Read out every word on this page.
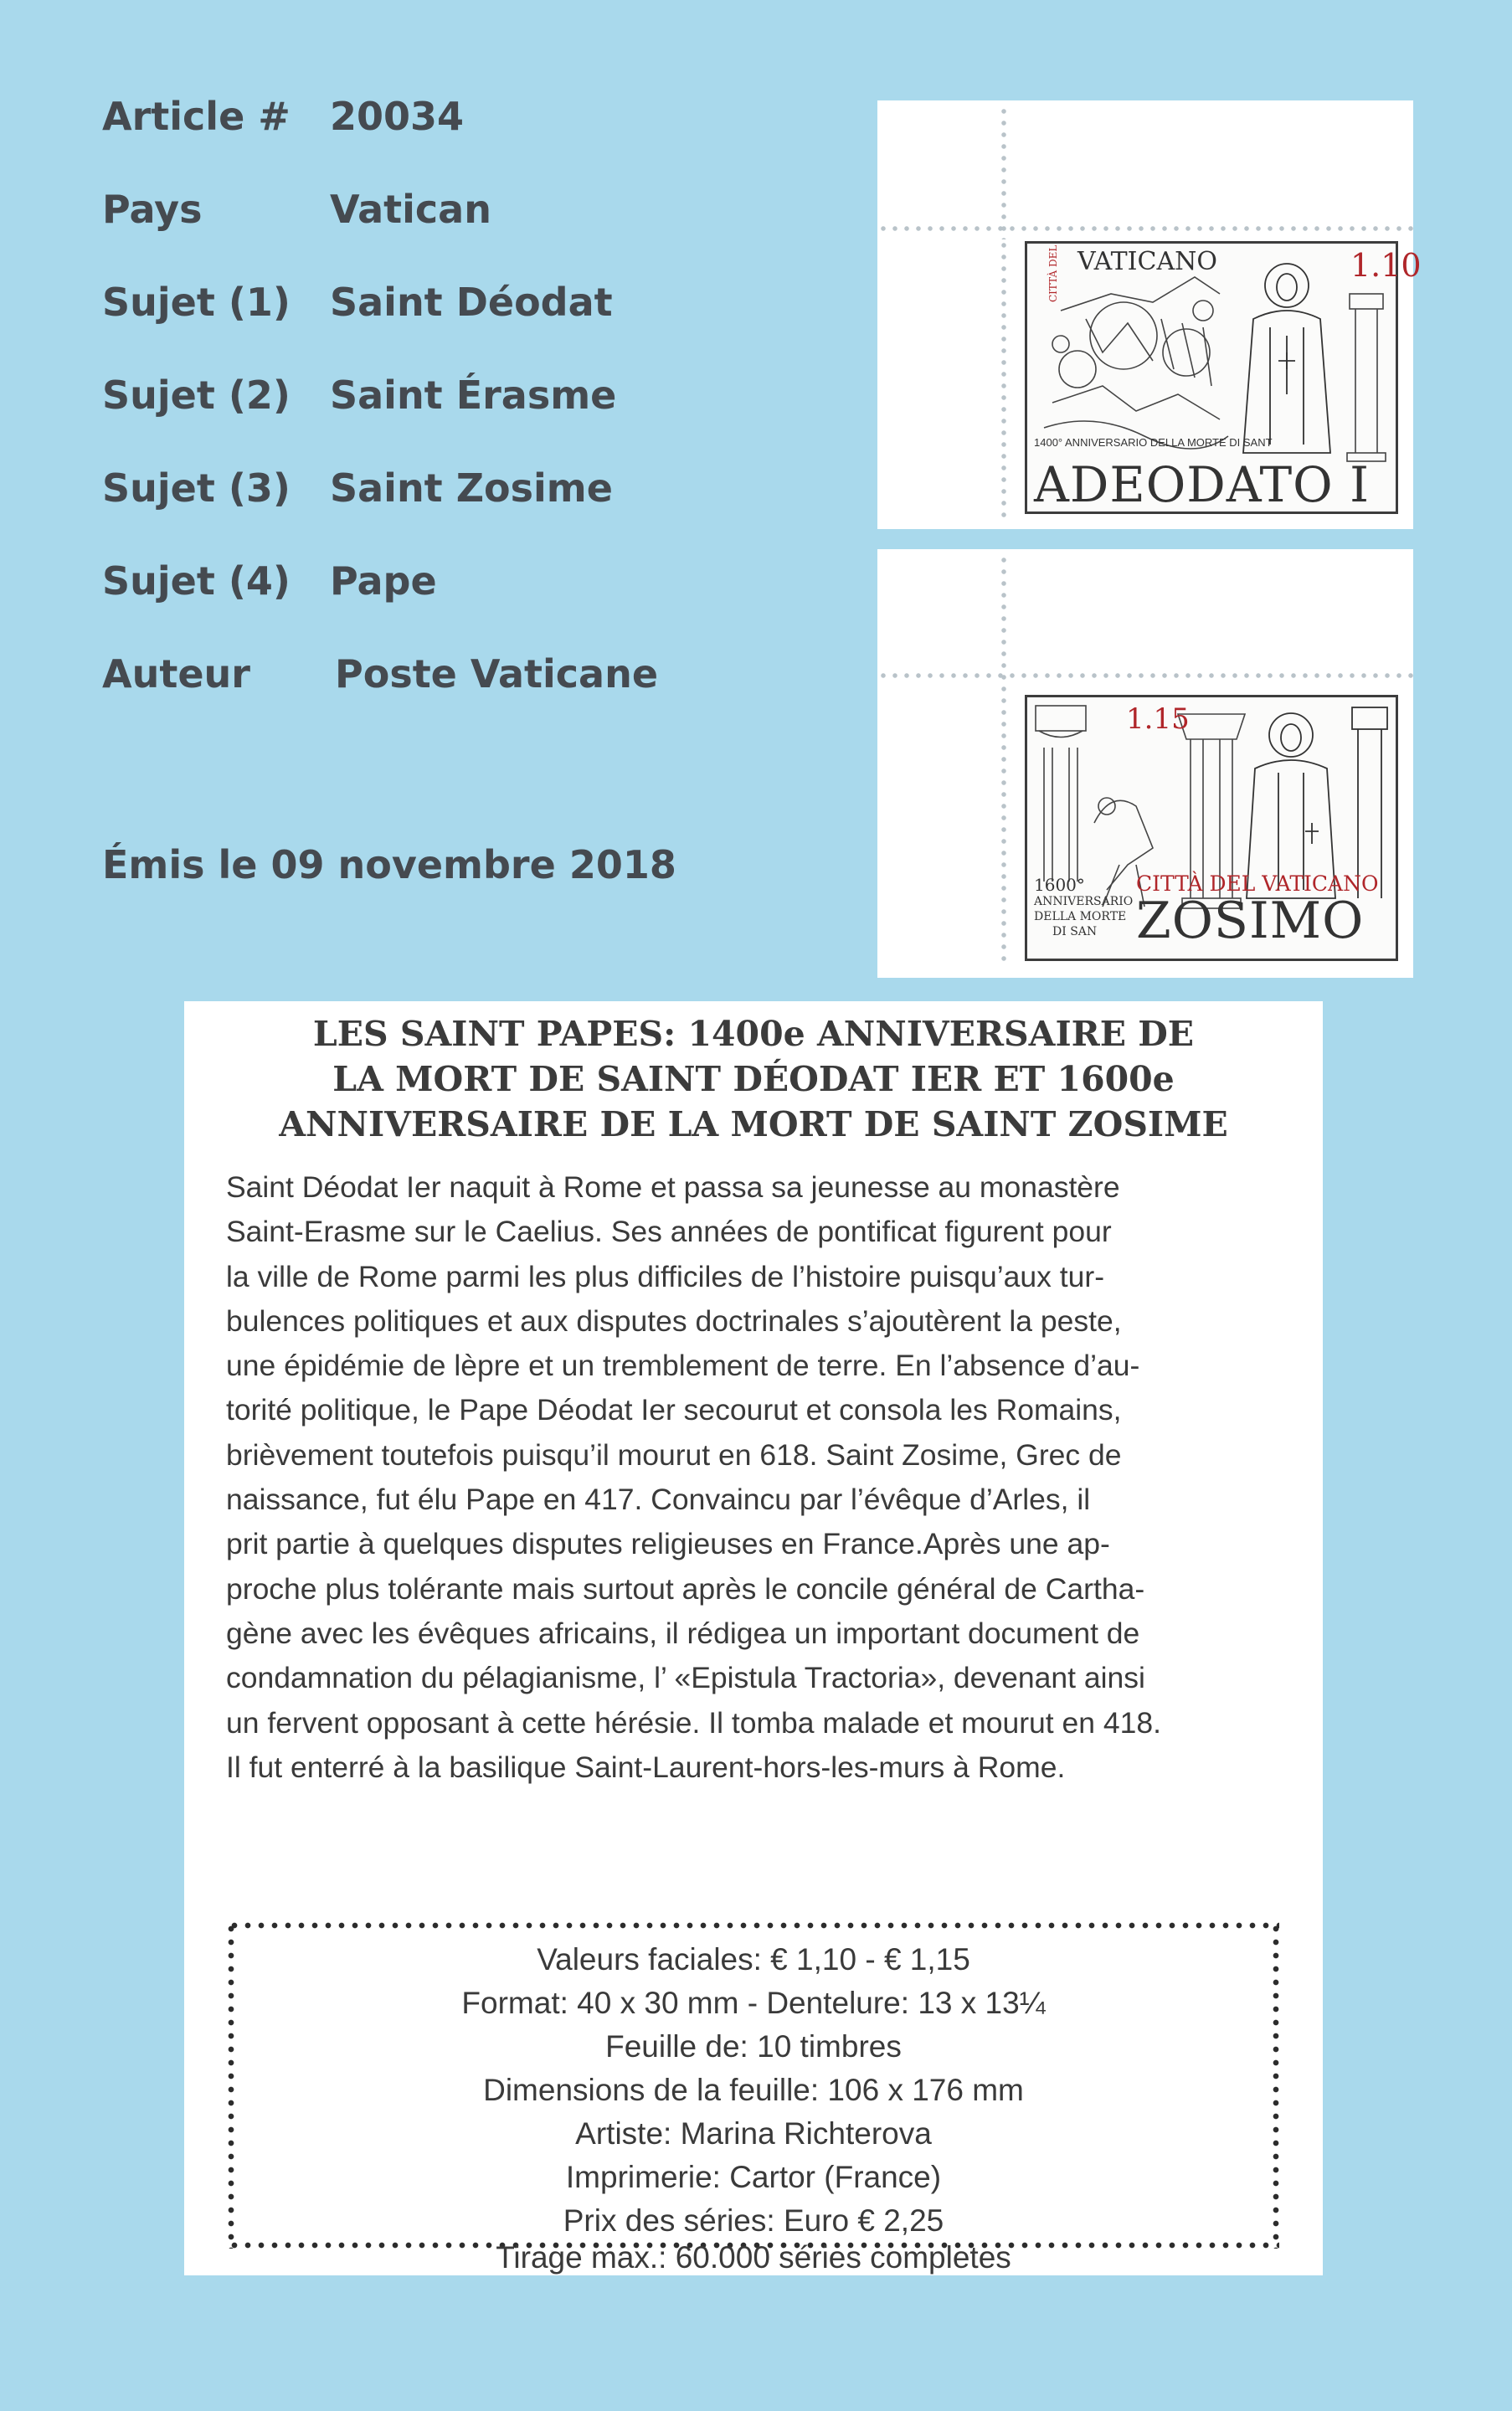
Article # 20034
Pays	Vatican
Sujet (1) Saint Déodat
Sujet (2) Saint Érasme
Sujet (3) Saint Zosime
Sujet (4) Pape
Auteur Poste Vaticane
Émis le 09 novembre 2018
CITTÀ DEL VATICANO	1.10
1400° ANNIVERSARIO DELLA MORTE DI SANT
ADEODATO I
1.15
1600°
ANNIVERSARIO
DELLA MORTE
DI SAN
CITTÀ DEL VATICANO
ZOSIMO
LES SAINT PAPES: 1400e ANNIVERSAIRE DE
LA MORT DE SAINT DÉODAT IER ET 1600e
ANNIVERSAIRE DE LA MORT DE SAINT ZOSIME
Saint Déodat Ier naquit à Rome et passa sa jeunesse au monastère
Saint-Erasme sur le Caelius. Ses années de pontificat figurent pour
la ville de Rome parmi les plus difficiles de l’histoire puisqu’aux tur-
bulences politiques et aux disputes doctrinales s’ajoutèrent la peste,
une épidémie de lèpre et un tremblement de terre. En l’absence d’au-
torité politique, le Pape Déodat Ier secourut et consola les Romains,
brièvement toutefois puisqu’il mourut en 618. Saint Zosime, Grec de
naissance, fut élu Pape en 417. Convaincu par l’évêque d’Arles, il
prit partie à quelques disputes religieuses en France.Après une ap-
proche plus tolérante mais surtout après le concile général de Cartha-
gène avec les évêques africains, il rédigea un important document de
condamnation du pélagianisme, l’ «Epistula Tractoria», devenant ainsi
un fervent opposant à cette hérésie. Il tomba malade et mourut en 418.
Il fut enterré à la basilique Saint-Laurent-hors-les-murs à Rome.
Valeurs faciales: € 1,10 - € 1,15
Format: 40 x 30 mm - Dentelure: 13 x 13¼
Feuille de: 10 timbres
Dimensions de la feuille: 106 x 176 mm
Artiste: Marina Richterova
Imprimerie: Cartor (France)
Prix des séries: Euro € 2,25
Tirage max.: 60.000 séries completes
